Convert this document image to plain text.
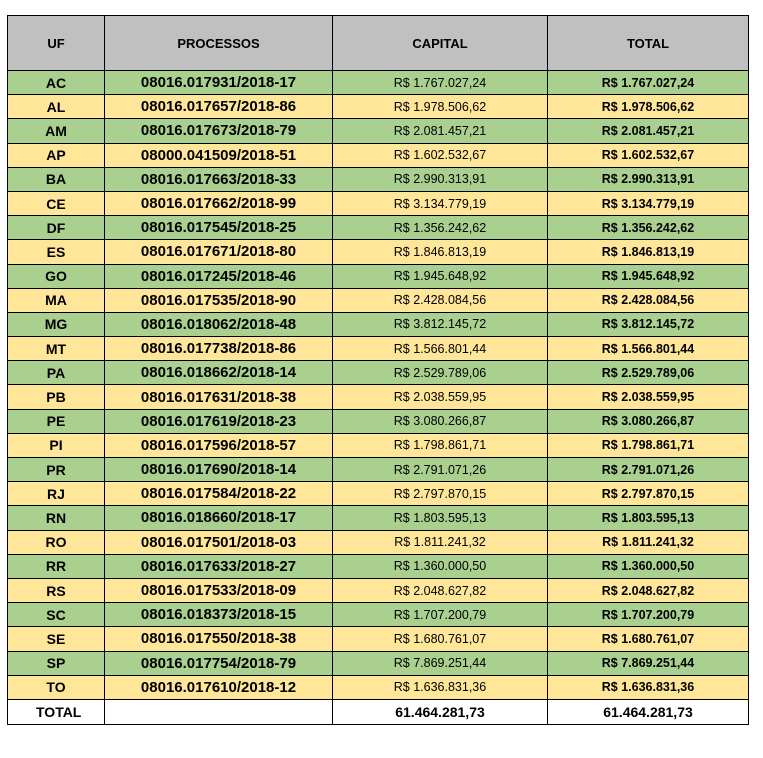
UF	PROCESSOS	CAPITAL	TOTAL
AC	08016.017931/2018-17	R$ 1.767.027,24	R$ 1.767.027,24
AL	08016.017657/2018-86	R$ 1.978.506,62	R$ 1.978.506,62
AM	08016.017673/2018-79	R$ 2.081.457,21	R$ 2.081.457,21
AP	08000.041509/2018-51	R$ 1.602.532,67	R$ 1.602.532,67
BA	08016.017663/2018-33	R$ 2.990.313,91	R$ 2.990.313,91
CE	08016.017662/2018-99	R$ 3.134.779,19	R$ 3.134.779,19
DF	08016.017545/2018-25	R$ 1.356.242,62	R$ 1.356.242,62
ES	08016.017671/2018-80	R$ 1.846.813,19	R$ 1.846.813,19
GO	08016.017245/2018-46	R$ 1.945.648,92	R$ 1.945.648,92
MA	08016.017535/2018-90	R$ 2.428.084,56	R$ 2.428.084,56
MG	08016.018062/2018-48	R$ 3.812.145,72	R$ 3.812.145,72
MT	08016.017738/2018-86	R$ 1.566.801,44	R$ 1.566.801,44
PA	08016.018662/2018-14	R$ 2.529.789,06	R$ 2.529.789,06
PB	08016.017631/2018-38	R$ 2.038.559,95	R$ 2.038.559,95
PE	08016.017619/2018-23	R$ 3.080.266,87	R$ 3.080.266,87
PI	08016.017596/2018-57	R$ 1.798.861,71	R$ 1.798.861,71
PR	08016.017690/2018-14	R$ 2.791.071,26	R$ 2.791.071,26
RJ	08016.017584/2018-22	R$ 2.797.870,15	R$ 2.797.870,15
RN	08016.018660/2018-17	R$ 1.803.595,13	R$ 1.803.595,13
RO	08016.017501/2018-03	R$ 1.811.241,32	R$ 1.811.241,32
RR	08016.017633/2018-27	R$ 1.360.000,50	R$ 1.360.000,50
RS	08016.017533/2018-09	R$ 2.048.627,82	R$ 2.048.627,82
SC	08016.018373/2018-15	R$ 1.707.200,79	R$ 1.707.200,79
SE	08016.017550/2018-38	R$ 1.680.761,07	R$ 1.680.761,07
SP	08016.017754/2018-79	R$ 7.869.251,44	R$ 7.869.251,44
TO	08016.017610/2018-12	R$ 1.636.831,36	R$ 1.636.831,36
TOTAL		61.464.281,73	61.464.281,73
